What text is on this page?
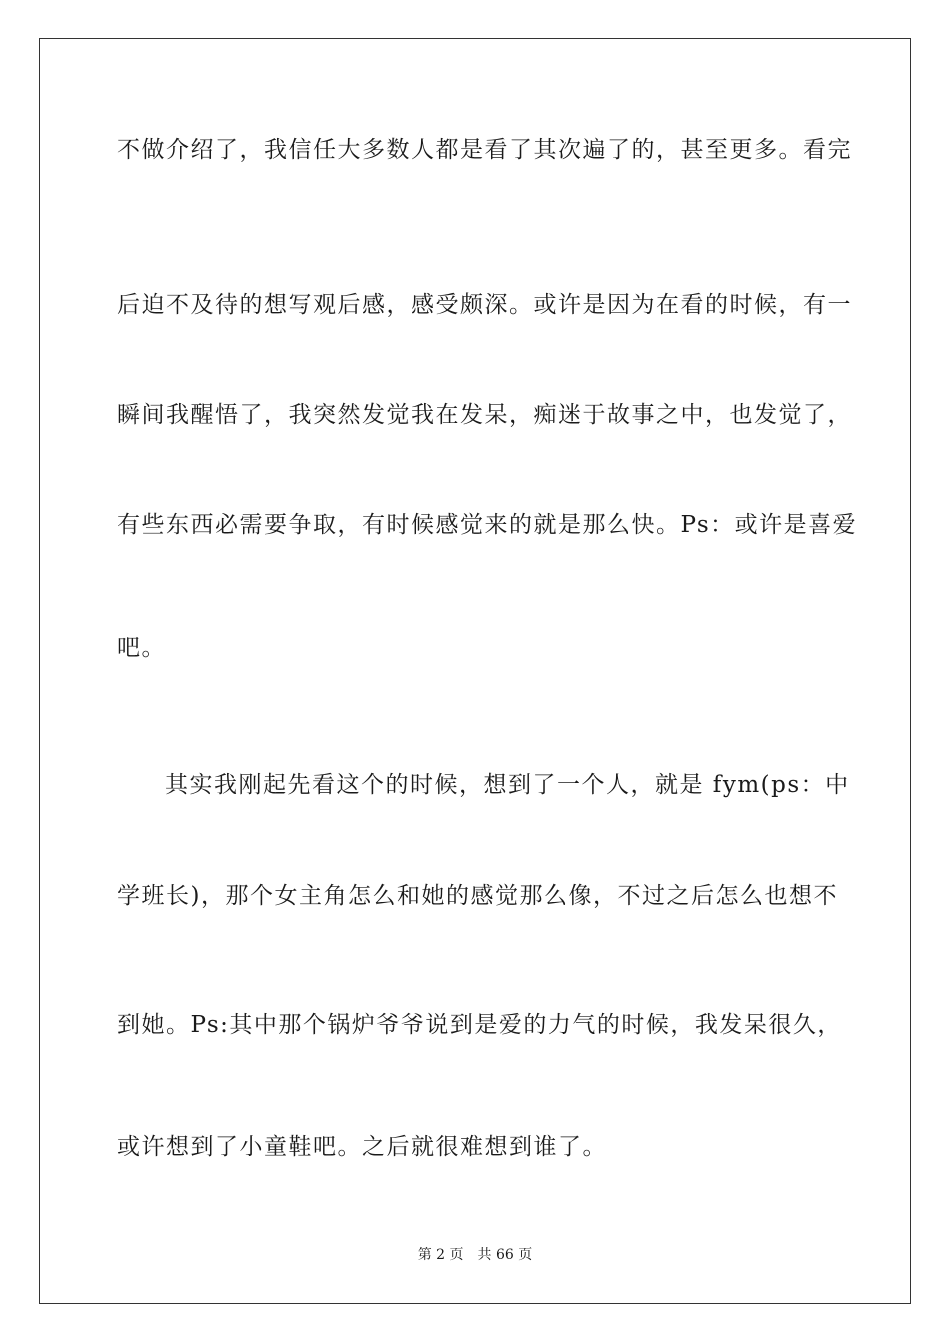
不做介绍了，我信任大多数人都是看了其次遍了的，甚至更多。看完
后迫不及待的想写观后感，感受颇深。或许是因为在看的时候，有一
瞬间我醒悟了，我突然发觉我在发呆，痴迷于故事之中，也发觉了，
有些东西必需要争取，有时候感觉来的就是那么快。Ps：或许是喜爱
吧。
其实我刚起先看这个的时候，想到了一个人，就是 fym(ps：中
学班长)，那个女主角怎么和她的感觉那么像，不过之后怎么也想不
到她。Ps:其中那个锅炉爷爷说到是爱的力气的时候，我发呆很久，
或许想到了小童鞋吧。之后就很难想到谁了。
第 2 页 共 66 页
